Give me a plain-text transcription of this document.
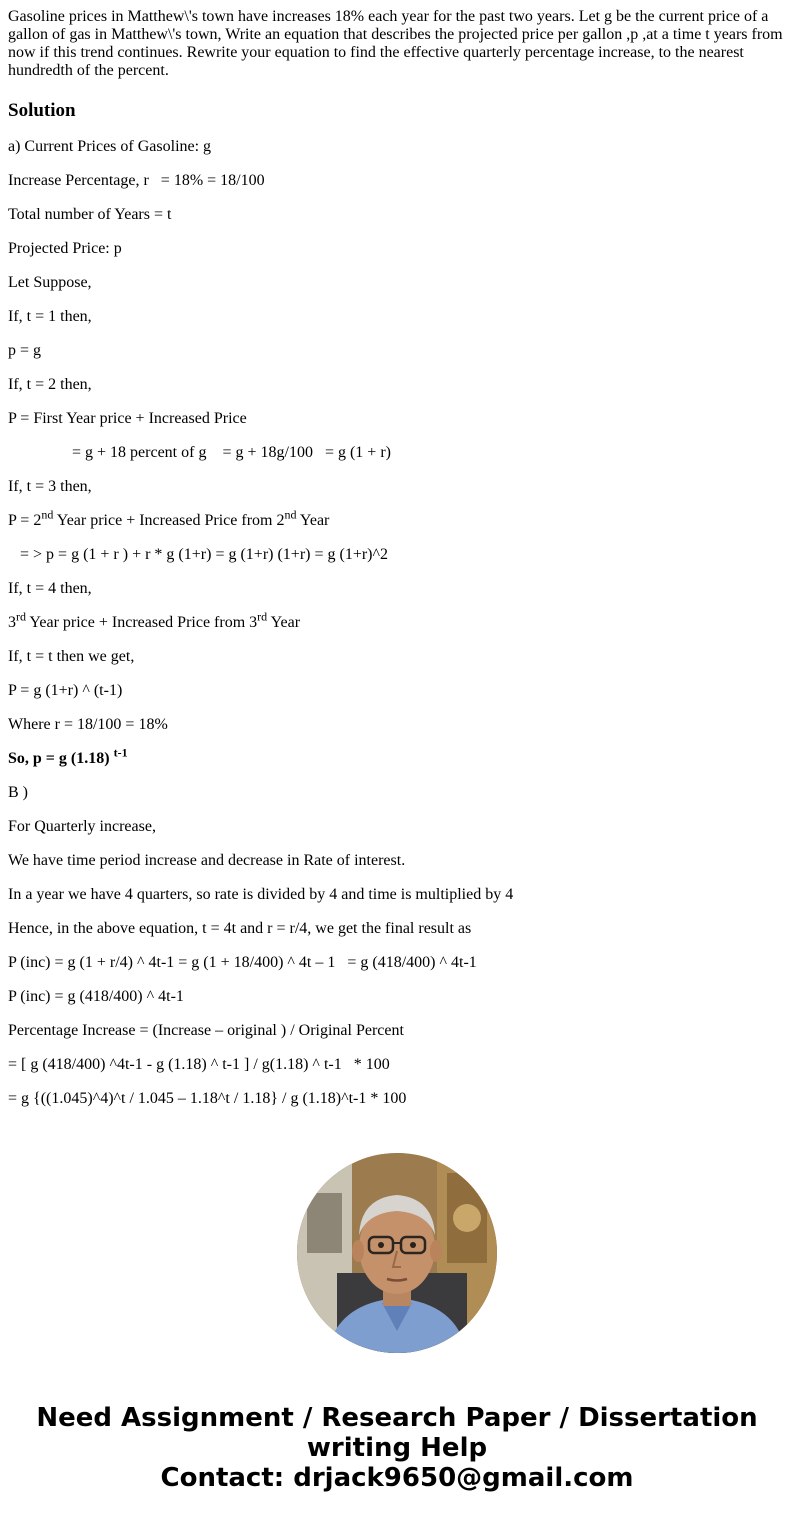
Gasoline prices in Matthew\'s town have increases 18% each year for the past two years. Let g be the current price of a gallon of gas in Matthew\'s town, Write an equation that describes the projected price per gallon ,p ,at a time t years from now if this trend continues. Rewrite your equation to find the effective quarterly percentage increase, to the nearest hundredth of the percent.

Solution

a) Current Prices of Gasoline: g

Increase Percentage, r   = 18% = 18/100

Total number of Years = t

Projected Price: p

Let Suppose,

If, t = 1 then,

p = g

If, t = 2 then,

P = First Year price + Increased Price

= g + 18 percent of g    = g + 18g/100   = g (1 + r)

If, t = 3 then,

P = 2nd Year price + Increased Price from 2nd Year

= > p = g (1 + r ) + r * g (1+r) = g (1+r) (1+r) = g (1+r)^2

If, t = 4 then,

3rd Year price + Increased Price from 3rd Year

If, t = t then we get,

P = g (1+r) ^ (t-1)

Where r = 18/100 = 18%

So, p = g (1.18) $^{t-1}$

B )

For Quarterly increase,

We have time period increase and decrease in Rate of interest.

In a year we have 4 quarters, so rate is divided by 4 and time is multiplied by 4

Hence, in the above equation, t = 4t and r = r/4, we get the final result as

P (inc) = g (1 + r/4) ^ 4t-1 = g (1 + 18/400) ^ 4t – 1   = g (418/400) ^ 4t-1

P (inc) = g (418/400) ^ 4t-1

Percentage Increase = (Increase – original ) / Original Percent

= [ g (418/400) ^4t-1 - g (1.18) ^ t-1 ] / g(1.18) ^ t-1   * 100

= g {((1.045)^4)^t / 1.045 – 1.18^t / 1.18} / g (1.18)^t-1 * 100

Need Assignment / Research Paper / Dissertation
writing Help
Contact: drjack9650@gmail.com
